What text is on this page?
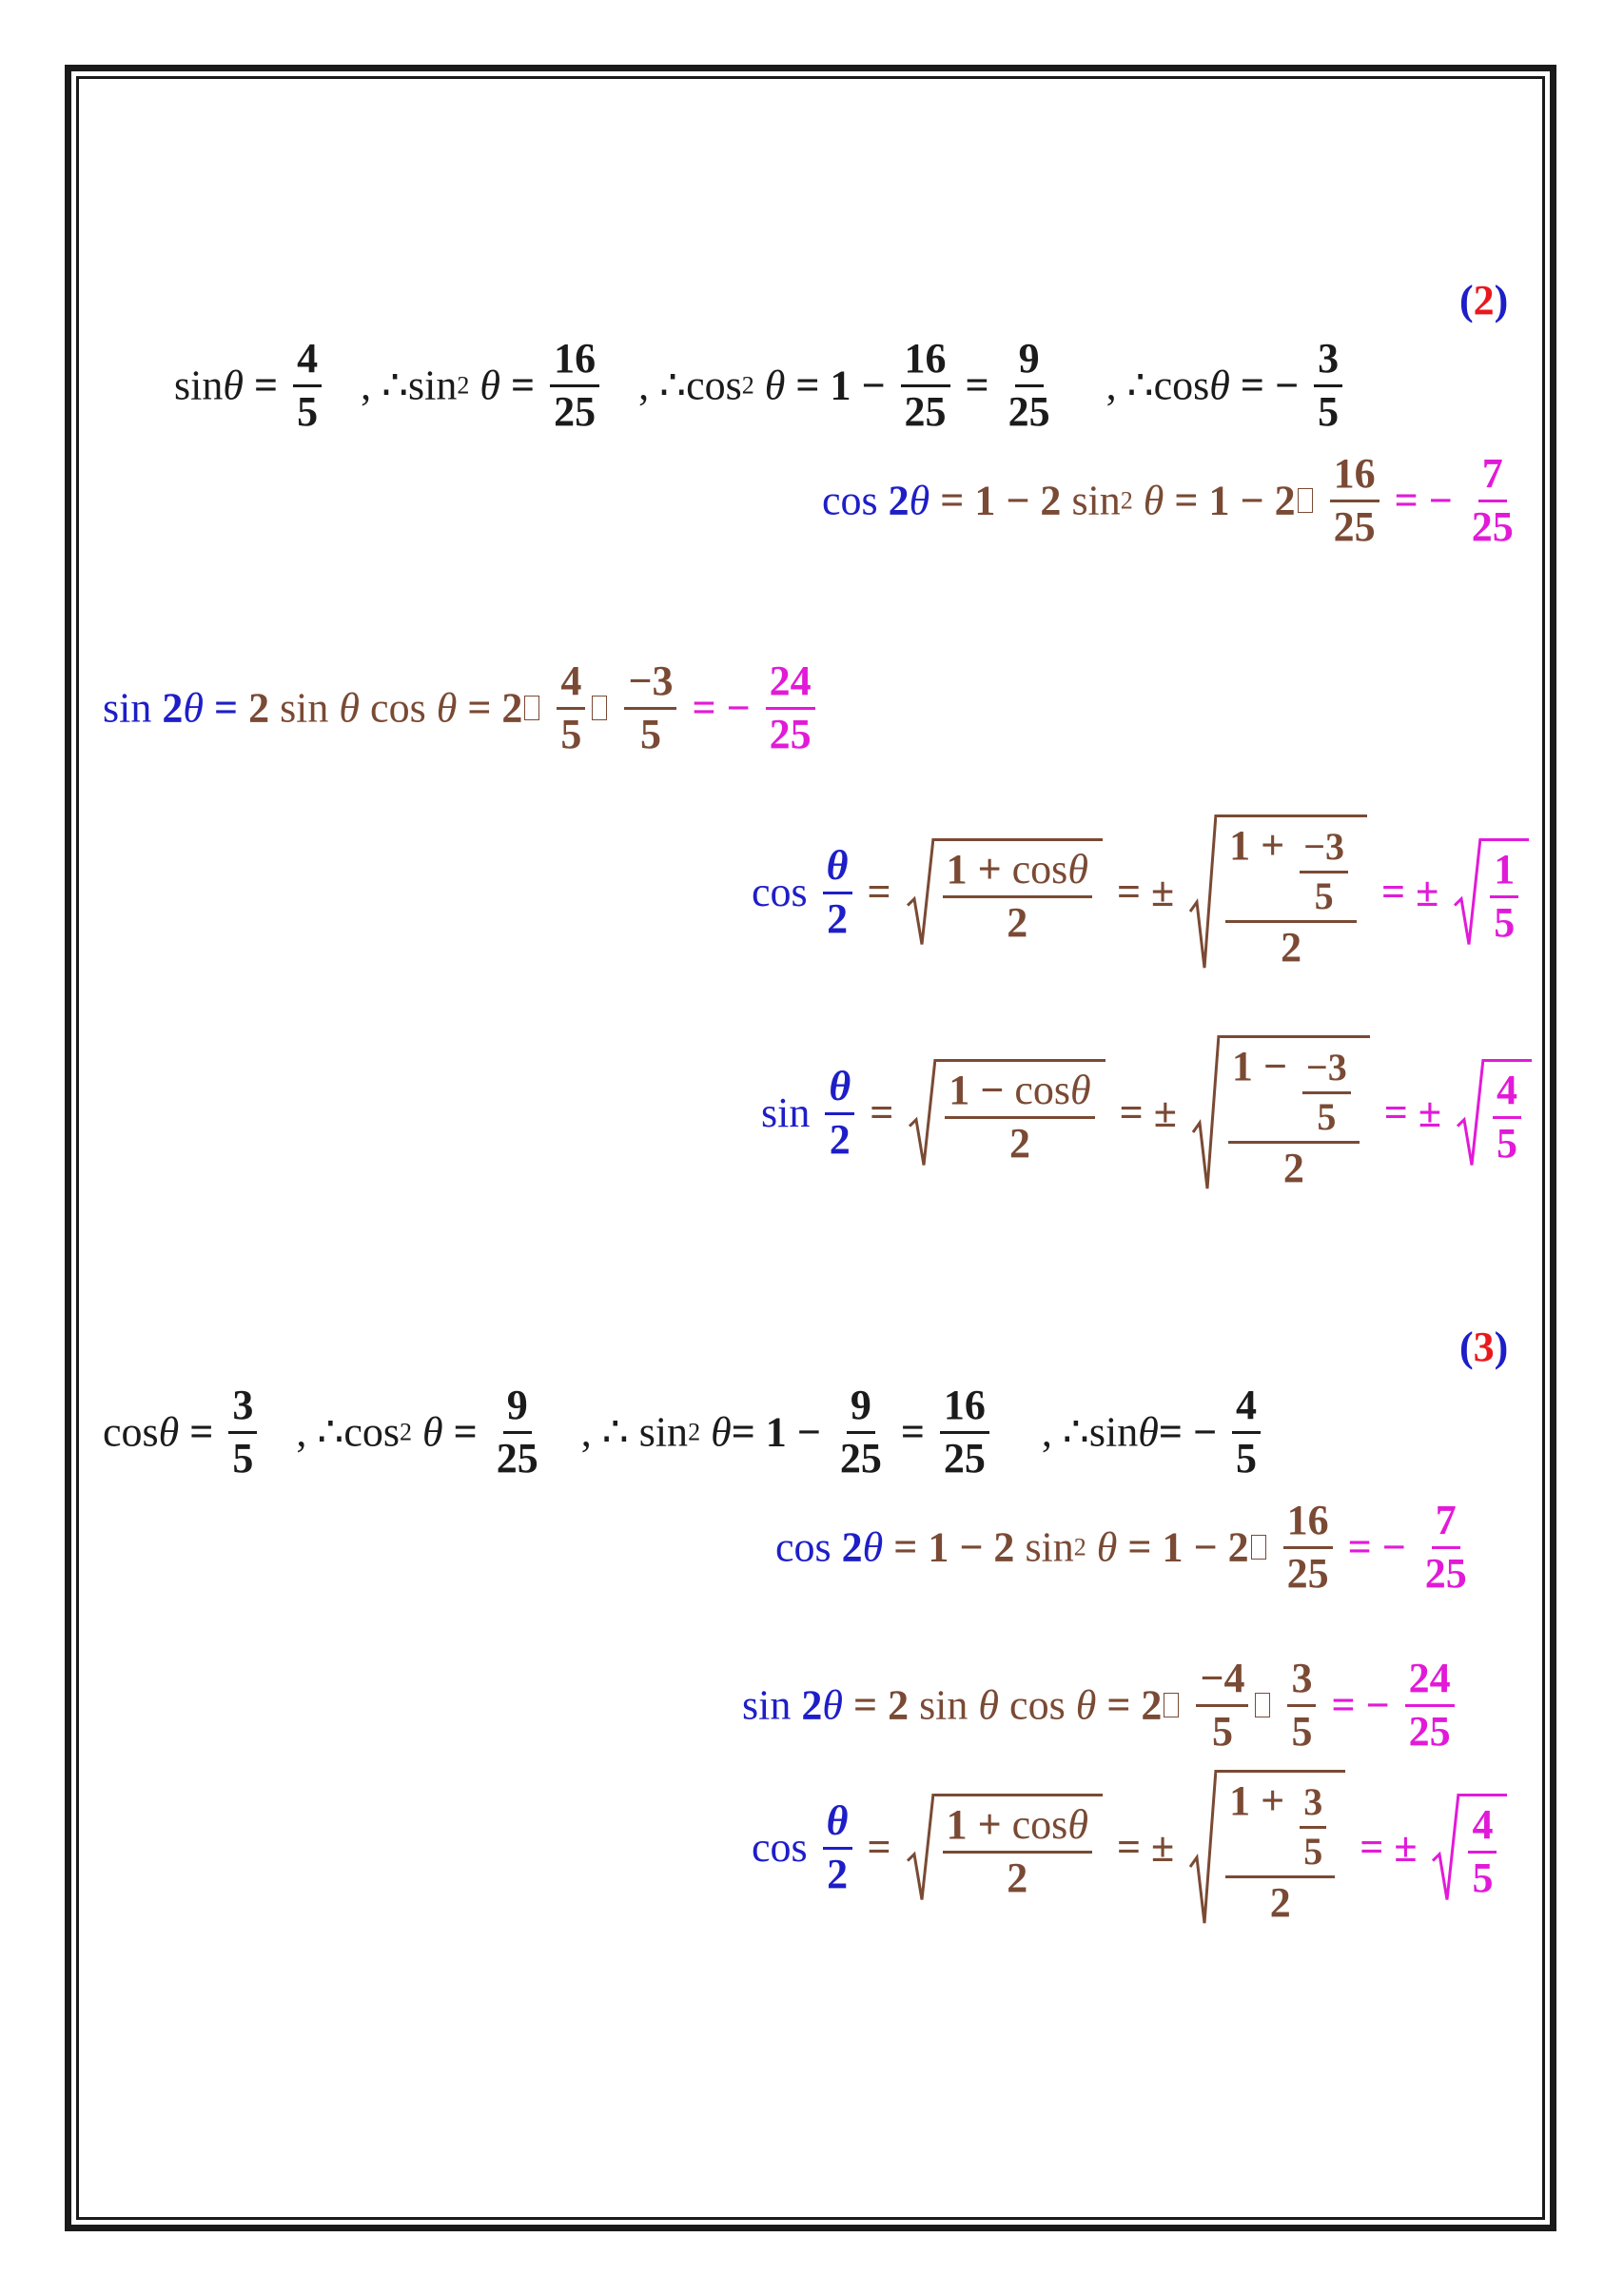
(2)
$\sin\theta = \frac{4}{5}$ , ∴sin2 $\theta = \frac{16}{25}$ , ∴cos2 $\theta = 1 - \frac{16}{25} = \frac{9}{25}$ , ∴cosθ = − $\frac{3}{5}$
cos 2θ = 1 − 2 sin2 $\theta = 1 - 2 \frac{16}{25}$ = − $\frac{7}{25}$
sin 2θ = 2 sin θ $\cos \theta = 2 \frac{4}{5}$
$\frac{-3}{5}$ = − $\frac{24}{25}$
$\cos \frac{\theta}{2} = \frac{1 + \cos\theta}{2}$ = ± $\frac{1 + \frac{-3}{5}}{2}$ = ± $\frac{1}{5}$
$\sin \frac{\theta}{2} = \frac{1 - \cos\theta}{2}$ = ± $\frac{1 - \frac{-3}{5}}{2}$ = ± $\frac{4}{5}$
(3)
$\cos\theta = \frac{3}{5}$ , ∴cos2 $\theta = \frac{9}{25}$ , ∴ sin2 $\theta= 1 - \frac{9}{25} = \frac{16}{25}$ , ∴sinθ= − $\frac{4}{5}$
cos 2θ = 1 − 2 sin2 $\theta = 1 - 2 \frac{16}{25}$ = − $\frac{7}{25}$
sin 2θ = 2 sin θ $\cos \theta = 2 \frac{-4}{5}$
$\frac{3}{5}$ = − $\frac{24}{25}$
$\cos \frac{\theta}{2} = \frac{1 + \cos\theta}{2}$ = ± $\frac{1 + \frac{3}{5}}{2}$ = ± $\frac{4}{5}$
